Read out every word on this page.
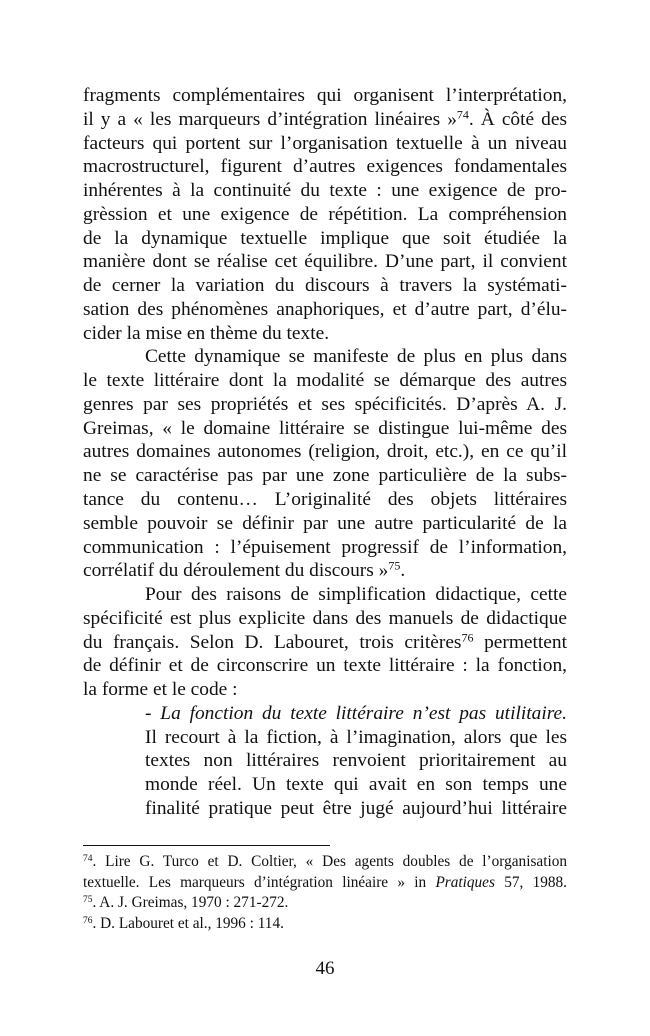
fragments complémentaires qui organisent l’interprétation,
il y a « les marqueurs d’intégration linéaires »$^{74}$. À côté des
facteurs qui portent sur l’organisation textuelle à un niveau
macrostructurel, figurent d’autres exigences fondamentales
inhérentes à la continuité du texte : une exigence de pro-
grèssion et une exigence de répétition. La compréhension
de la dynamique textuelle implique que soit étudiée la
manière dont se réalise cet équilibre. D’une part, il convient
de cerner la variation du discours à travers la systémati-
sation des phénomènes anaphoriques, et d’autre part, d’élu-
cider la mise en thème du texte.
Cette dynamique se manifeste de plus en plus dans
le texte littéraire dont la modalité se démarque des autres
genres par ses propriétés et ses spécificités. D’après A. J.
Greimas, « le domaine littéraire se distingue lui-même des
autres domaines autonomes (religion, droit, etc.), en ce qu’il
ne se caractérise pas par une zone particulière de la subs-
tance du contenu… L’originalité des objets littéraires
semble pouvoir se définir par une autre particularité de la
communication : l’épuisement progressif de l’information,
corrélatif du déroulement du discours »$^{75}$.
Pour des raisons de simplification didactique, cette
spécificité est plus explicite dans des manuels de didactique
du français. Selon D. Labouret, trois critères$^{76}$ permettent
de définir et de circonscrire un texte littéraire : la fonction,
la forme et le code :
- La fonction du texte littéraire n’est pas utilitaire.
Il recourt à la fiction, à l’imagination, alors que les
textes non littéraires renvoient prioritairement au
monde réel. Un texte qui avait en son temps une
finalité pratique peut être jugé aujourd’hui littéraire
$^{74}$. Lire G. Turco et D. Coltier, « Des agents doubles de l’organisation
textuelle. Les marqueurs d’intégration linéaire » in Pratiques 57, 1988.
$^{75}$. A. J. Greimas, 1970 : 271-272.
$^{76}$. D. Labouret et al., 1996 : 114.
46
